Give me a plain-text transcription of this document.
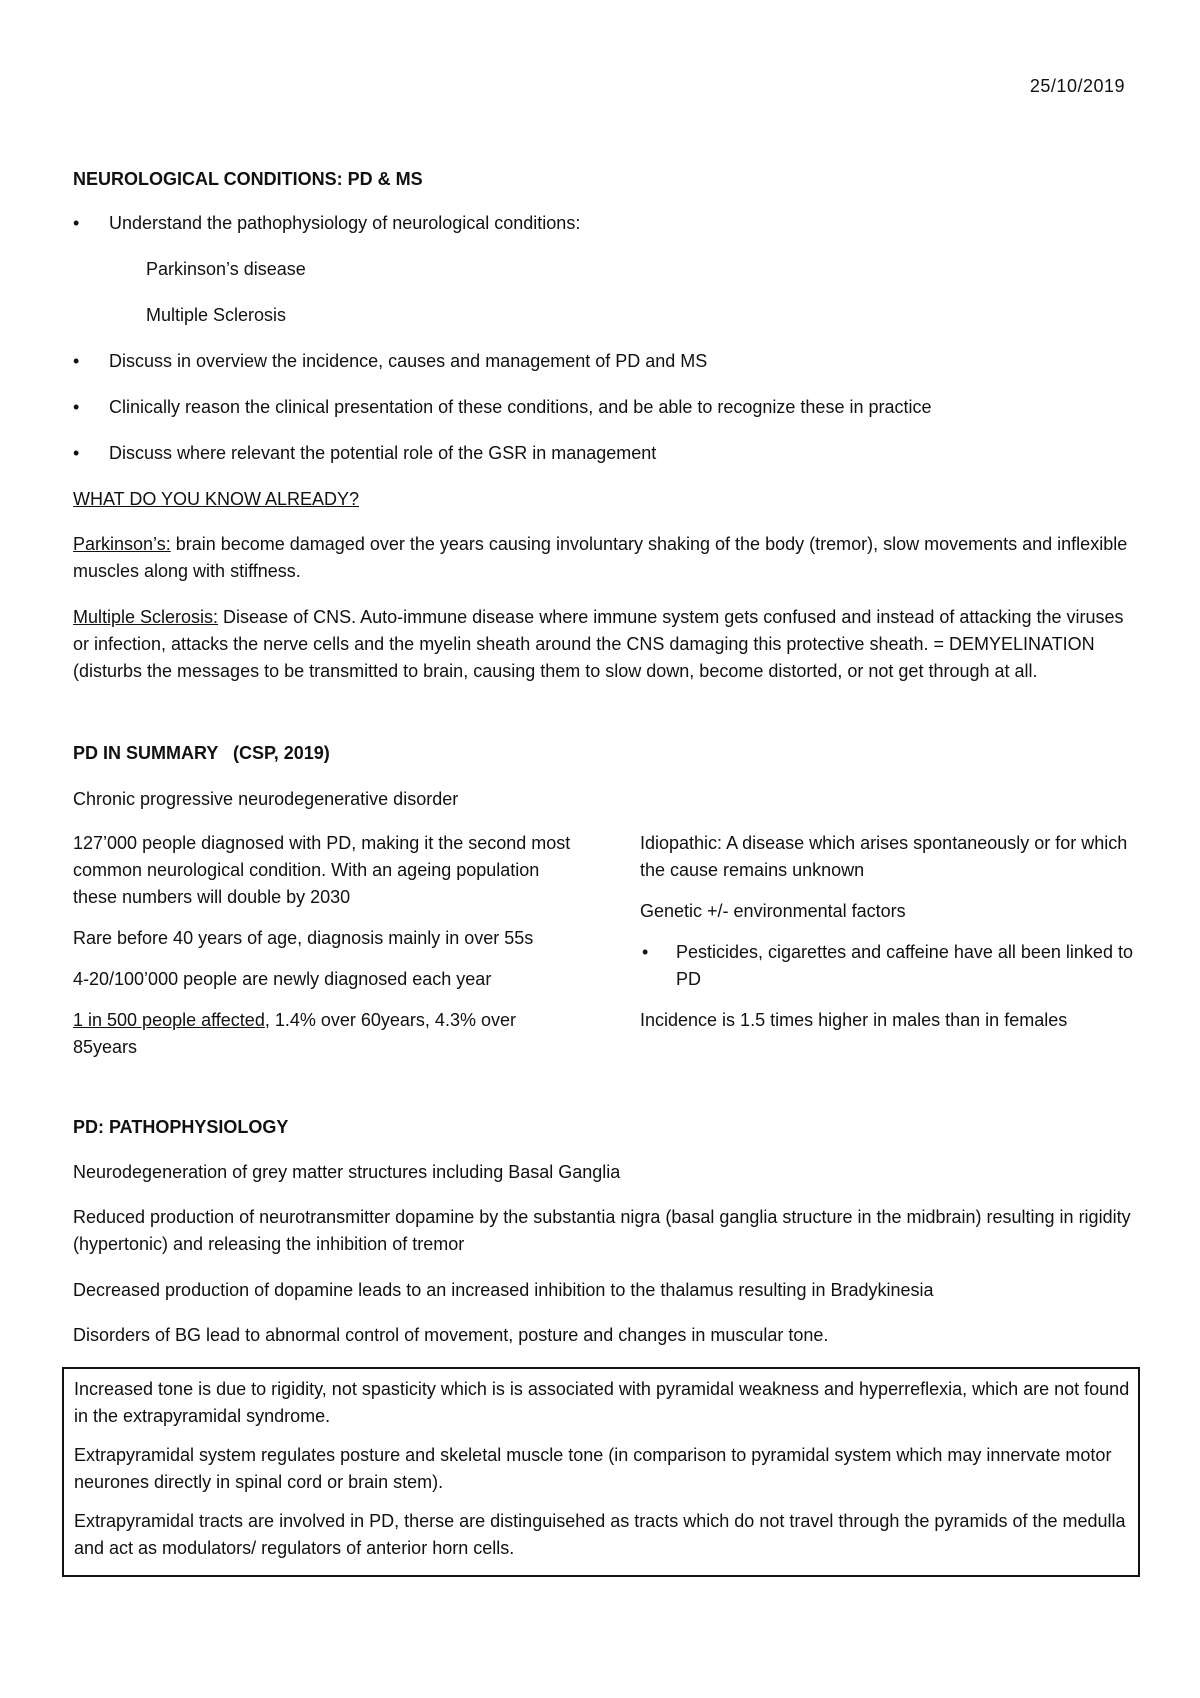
25/10/2019
NEUROLOGICAL CONDITIONS: PD & MS
• Understand the pathophysiology of neurological conditions:
Parkinson’s disease
Multiple Sclerosis
• Discuss in overview the incidence, causes and management of PD and MS
• Clinically reason the clinical presentation of these conditions, and be able to recognize these in practice
• Discuss where relevant the potential role of the GSR in management
WHAT DO YOU KNOW ALREADY?

Parkinson’s: brain become damaged over the years causing involuntary shaking of the body (tremor), slow movements and inflexible muscles along with stiffness.

Multiple Sclerosis: Disease of CNS. Auto-immune disease where immune system gets confused and instead of attacking the viruses or infection, attacks the nerve cells and the myelin sheath around the CNS damaging this protective sheath. = DEMYELINATION (disturbs the messages to be transmitted to brain, causing them to slow down, become distorted, or not get through at all.

PD IN SUMMARY   (CSP, 2019)
Chronic progressive neurodegenerative disorder

127’000 people diagnosed with PD, making it the second most common neurological condition. With an ageing population these numbers will double by 2030

Rare before 40 years of age, diagnosis mainly in over 55s

4-20/100’000 people are newly diagnosed each year

1 in 500 people affected, 1.4% over 60years, 4.3% over 85years

Idiopathic: A disease which arises spontaneously or for which the cause remains unknown

Genetic +/- environmental factors

• Pesticides, cigarettes and caffeine have all been linked to PD

Incidence is 1.5 times higher in males than in females

PD: PATHOPHYSIOLOGY
Neurodegeneration of grey matter structures including Basal Ganglia

Reduced production of neurotransmitter dopamine by the substantia nigra (basal ganglia structure in the midbrain) resulting in rigidity (hypertonic) and releasing the inhibition of tremor

Decreased production of dopamine leads to an increased inhibition to the thalamus resulting in Bradykinesia
Disorders of BG lead to abnormal control of movement, posture and changes in muscular tone.

Increased tone is due to rigidity, not spasticity which is is associated with pyramidal weakness and hyperreflexia, which are not found in the extrapyramidal syndrome.

Extrapyramidal system regulates posture and skeletal muscle tone (in comparison to pyramidal system which may innervate motor neurones directly in spinal cord or brain stem).

Extrapyramidal tracts are involved in PD, therse are distinguisehed as tracts which do not travel through the pyramids of the medulla and act as modulators/ regulators of anterior horn cells.
